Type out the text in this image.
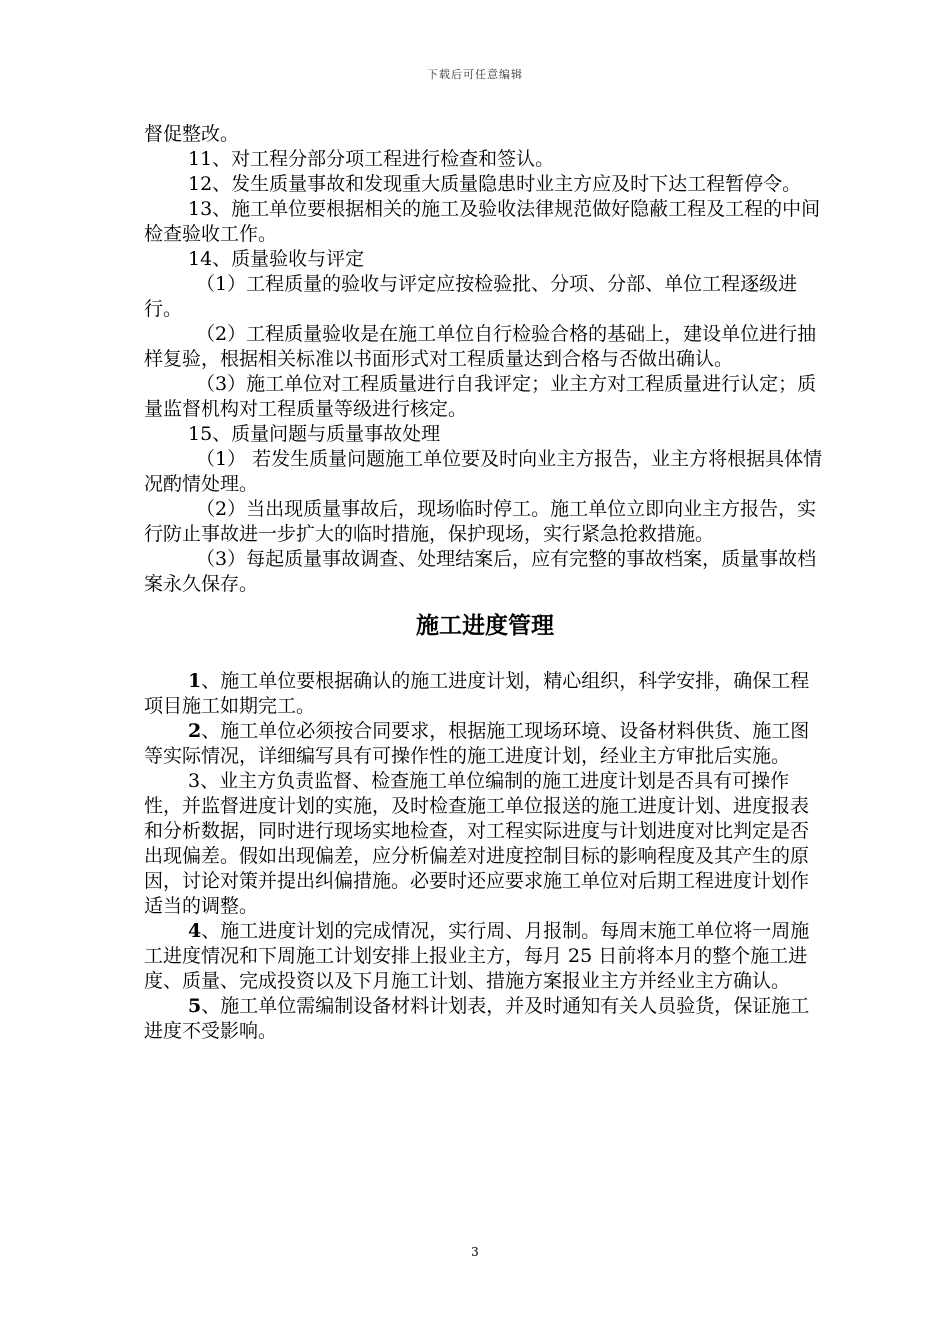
下载后可任意编辑

督促整改。

11、对工程分部分项工程进行检查和签认。

12、发生质量事故和发现重大质量隐患时业主方应及时下达工程暂停令。

13、施工单位要根据相关的施工及验收法律规范做好隐蔽工程及工程的中间检查验收工作。

14、质量验收与评定

（1）工程质量的验收与评定应按检验批、分项、分部、单位工程逐级进行。

（2）工程质量验收是在施工单位自行检验合格的基础上，建设单位进行抽样复验，根据相关标准以书面形式对工程质量达到合格与否做出确认。

（3）施工单位对工程质量进行自我评定；业主方对工程质量进行认定；质量监督机构对工程质量等级进行核定。

15、质量问题与质量事故处理

（1） 若发生质量问题施工单位要及时向业主方报告，业主方将根据具体情况酌情处理。

（2）当出现质量事故后，现场临时停工。施工单位立即向业主方报告，实行防止事故进一步扩大的临时措施，保护现场，实行紧急抢救措施。

（3）每起质量事故调查、处理结案后，应有完整的事故档案，质量事故档案永久保存。

施工进度管理

1、施工单位要根据确认的施工进度计划，精心组织，科学安排，确保工程项目施工如期完工。

2、施工单位必须按合同要求，根据施工现场环境、设备材料供货、施工图等实际情况，详细编写具有可操作性的施工进度计划，经业主方审批后实施。

3、业主方负责监督、检查施工单位编制的施工进度计划是否具有可操作性，并监督进度计划的实施，及时检查施工单位报送的施工进度计划、进度报表和分析数据，同时进行现场实地检查，对工程实际进度与计划进度对比判定是否出现偏差。假如出现偏差，应分析偏差对进度控制目标的影响程度及其产生的原因，讨论对策并提出纠偏措施。必要时还应要求施工单位对后期工程进度计划作适当的调整。

4、施工进度计划的完成情况，实行周、月报制。每周末施工单位将一周施工进度情况和下周施工计划安排上报业主方，每月 25 日前将本月的整个施工进度、质量、完成投资以及下月施工计划、措施方案报业主方并经业主方确认。

5、施工单位需编制设备材料计划表，并及时通知有关人员验货，保证施工进度不受影响。

3
